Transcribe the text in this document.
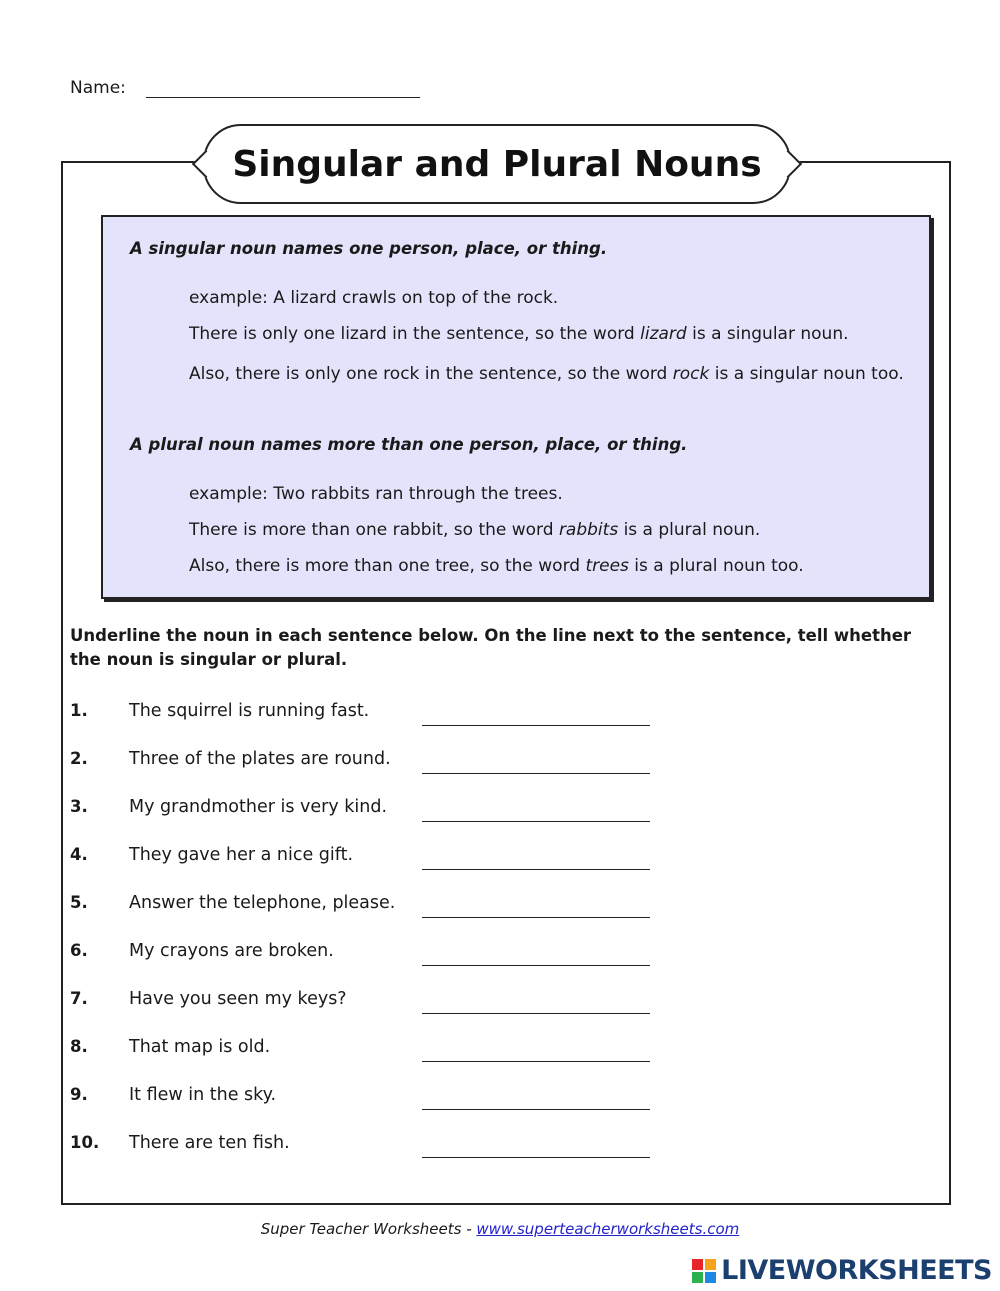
Name:
Singular and Plural Nouns
A singular noun names one person, place, or thing.
example: A lizard crawls on top of the rock.
There is only one lizard in the sentence, so the word lizard is a singular noun.
Also, there is only one rock in the sentence, so the word rock is a singular noun too.
A plural noun names more than one person, place, or thing.
example: Two rabbits ran through the trees.
There is more than one rabbit, so the word rabbits is a plural noun.
Also, there is more than one tree, so the word trees is a plural noun too.
Underline the noun in each sentence below. On the line next to the sentence, tell whether the noun is singular or plural.
1. The squirrel is running fast.
2. Three of the plates are round.
3. My grandmother is very kind.
4. They gave her a nice gift.
5. Answer the telephone, please.
6. My crayons are broken.
7. Have you seen my keys?
8. That map is old.
9. It flew in the sky.
10. There are ten fish.
Super Teacher Worksheets - www.superteacherworksheets.com
LIVEWORKSHEETS
